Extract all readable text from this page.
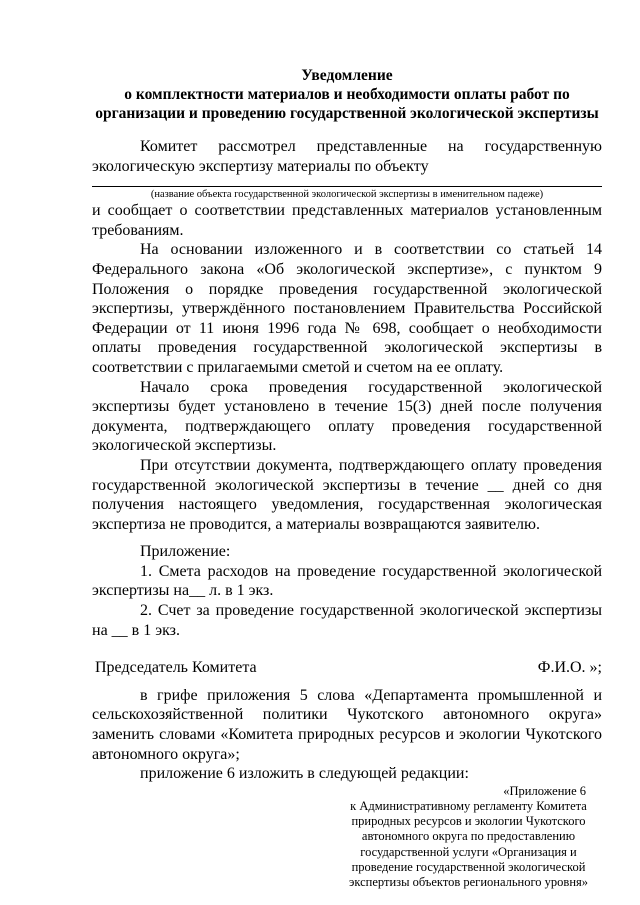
Уведомление
о комплектности материалов и необходимости оплаты работ по
организации и проведению государственной экологической экспертизы

Комитет рассмотрел представленные на государственную экологическую экспертизу материалы по объекту

(название объекта государственной экологической экспертизы в именительном падеже)

и сообщает о соответствии представленных материалов установленным требованиям.

На основании изложенного и в соответствии со статьей 14 Федерального закона «Об экологической экспертизе», с пунктом 9 Положения о порядке проведения государственной экологической экспертизы, утверждённого постановлением Правительства Российской Федерации от 11 июня 1996 года № 698, сообщает о необходимости оплаты проведения государственной экологической экспертизы в соответствии с прилагаемыми сметой и счетом на ее оплату.

Начало срока проведения государственной экологической экспертизы будет установлено в течение 15(3) дней после получения документа, подтверждающего оплату проведения государственной экологической экспертизы.

При отсутствии документа, подтверждающего оплату проведения государственной экологической экспертизы в течение __ дней со дня получения настоящего уведомления, государственная экологическая экспертиза не проводится, а материалы возвращаются заявителю.

Приложение:

1. Смета расходов на проведение государственной экологической экспертизы на__ л. в 1 экз.

2. Счет за проведение государственной экологической экспертизы на __ в 1 экз.

Председатель Комитета	Ф.И.О. »;

в грифе приложения 5 слова «Департамента промышленной и сельскохозяйственной политики Чукотского автономного округа» заменить словами «Комитета природных ресурсов и экологии Чукотского автономного округа»;

приложение 6 изложить в следующей редакции:

«Приложение 6
к Административному регламенту Комитета
природных ресурсов и экологии Чукотского
автономного округа по предоставлению
государственной услуги «Организация и
проведение государственной экологической
экспертизы объектов регионального уровня»
